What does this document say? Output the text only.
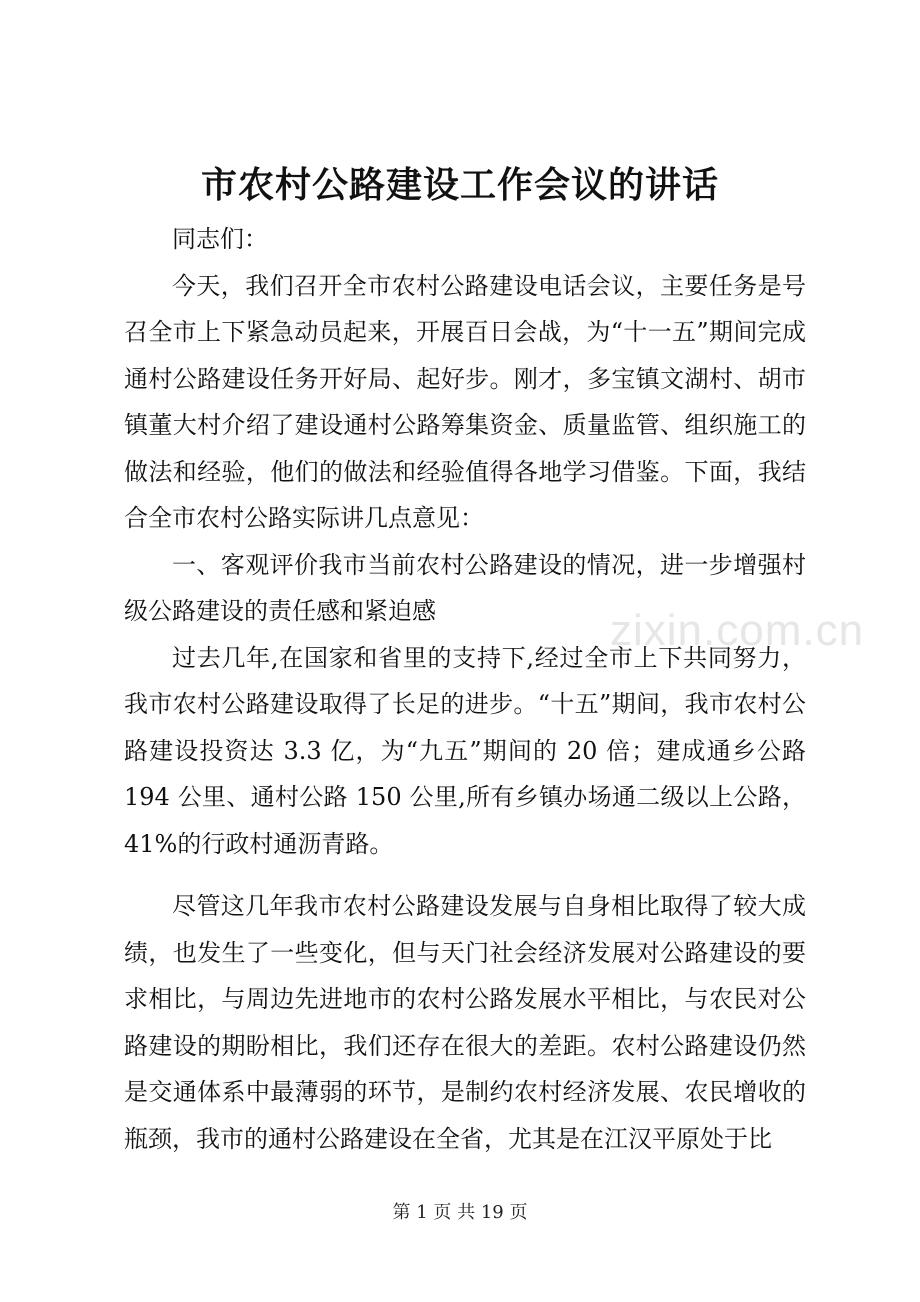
市农村公路建设工作会议的讲话

同志们：

今天，我们召开全市农村公路建设电话会议，主要任务是号召全市上下紧急动员起来，开展百日会战，为“十一五”期间完成通村公路建设任务开好局、起好步。刚才，多宝镇文湖村、胡市镇董大村介绍了建设通村公路筹集资金、质量监管、组织施工的做法和经验，他们的做法和经验值得各地学习借鉴。下面，我结合全市农村公路实际讲几点意见：

一、客观评价我市当前农村公路建设的情况，进一步增强村级公路建设的责任感和紧迫感

过去几年,在国家和省里的支持下,经过全市上下共同努力，我市农村公路建设取得了长足的进步。“十五”期间，我市农村公路建设投资达 3.3 亿，为“九五”期间的 20 倍；建成通乡公路 194 公里、通村公路 150 公里,所有乡镇办场通二级以上公路，41%的行政村通沥青路。

尽管这几年我市农村公路建设发展与自身相比取得了较大成绩，也发生了一些变化，但与天门社会经济发展对公路建设的要求相比，与周边先进地市的农村公路发展水平相比，与农民对公路建设的期盼相比，我们还存在很大的差距。农村公路建设仍然是交通体系中最薄弱的环节，是制约农村经济发展、农民增收的瓶颈，我市的通村公路建设在全省，尤其是在江汉平原处于比

zixin.com.cn
第 1 页 共 19 页
